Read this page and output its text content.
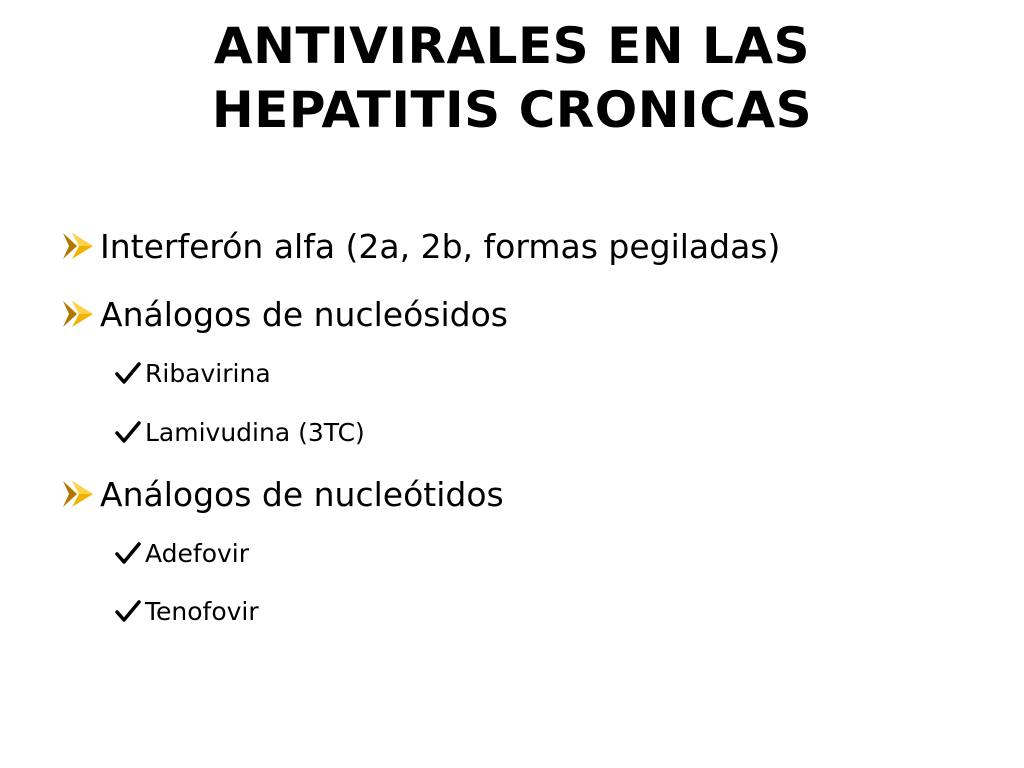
ANTIVIRALES EN LAS
HEPATITIS CRONICAS
Interferón alfa (2a, 2b, formas pegiladas)
Análogos de nucleósidos
Ribavirina
Lamivudina (3TC)
Análogos de nucleótidos
Adefovir
Tenofovir
